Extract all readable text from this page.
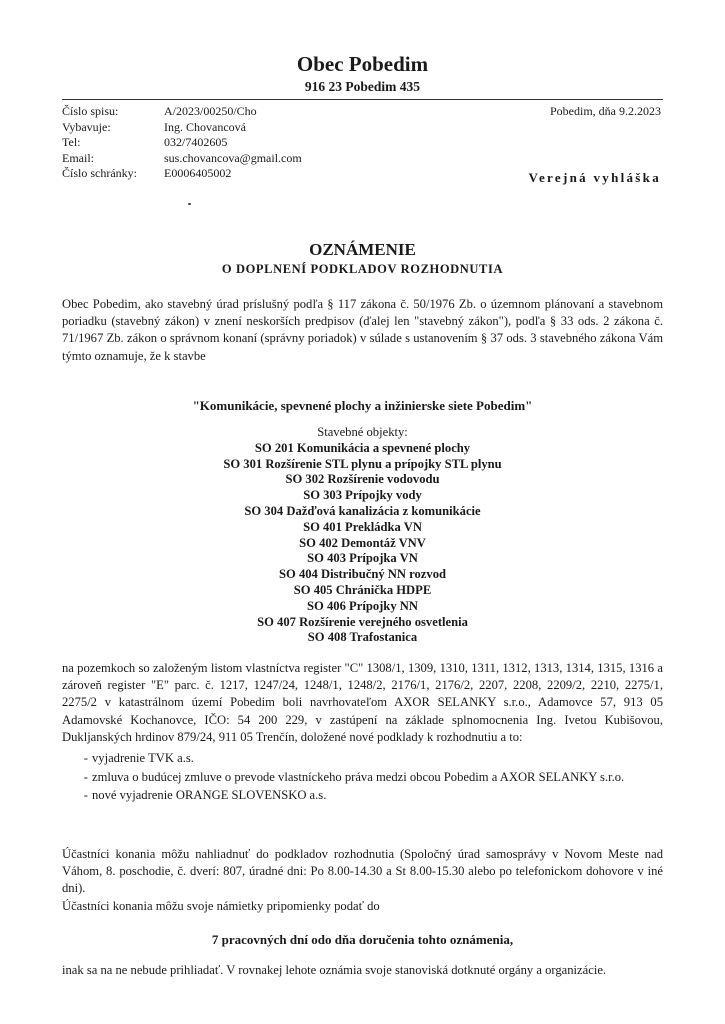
Obec Pobedim
916 23 Pobedim 435
Číslo spisu:	A/2023/00250/Cho
Vybavuje:	Ing. Chovancová
Tel:	032/7402605
Email:	sus.chovancova@gmail.com
Číslo schránky:	E0006405002
Pobedim, dňa 9.2.2023
Verejná vyhláška
OZNÁMENIE
O DOPLNENÍ PODKLADOV ROZHODNUTIA
Obec Pobedim, ako stavebný úrad príslušný podľa § 117 zákona č. 50/1976 Zb. o územnom plánovaní a stavebnom poriadku (stavebný zákon) v znení neskorších predpisov (ďalej len "stavebný zákon"), podľa § 33 ods. 2 zákona č. 71/1967 Zb. zákon o správnom konaní (správny poriadok) v súlade s ustanovením § 37 ods. 3 stavebného zákona Vám týmto oznamuje, že k stavbe
"Komunikácie, spevnené plochy a inžinierske siete Pobedim"
Stavebné objekty:
SO 201 Komunikácia a spevnené plochy
SO 301 Rozšírenie STL plynu a prípojky STL plynu
SO 302 Rozšírenie vodovodu
SO 303 Prípojky vody
SO 304 Dažďová kanalizácia z komunikácie
SO 401 Prekládka VN
SO 402 Demontáž VNV
SO 403 Prípojka VN
SO 404 Distribučný NN rozvod
SO 405 Chránička HDPE
SO 406 Prípojky NN
SO 407 Rozšírenie verejného osvetlenia
SO 408 Trafostanica
na pozemkoch so založeným listom vlastníctva register "C" 1308/1, 1309, 1310, 1311, 1312, 1313, 1314, 1315, 1316 a zároveň register "E" parc. č. 1217, 1247/24, 1248/1, 1248/2, 2176/1, 2176/2, 2207, 2208, 2209/2, 2210, 2275/1, 2275/2 v katastrálnom území Pobedim boli navrhovateľom AXOR SELANKY s.r.o., Adamovce 57, 913 05 Adamovské Kochanovce, IČO: 54 200 229, v zastúpení na základe splnomocnenia Ing. Ivetou Kubišovou, Dukljanských hrdinov 879/24, 911 05 Trenčín, doložené nové podklady k rozhodnutiu a to:
- vyjadrenie TVK a.s.
- zmluva o budúcej zmluve o prevode vlastníckeho práva medzi obcou Pobedim a AXOR SELANKY s.r.o.
- nové vyjadrenie ORANGE SLOVENSKO a.s.
Účastníci konania môžu nahliadnuť do podkladov rozhodnutia (Spoločný úrad samosprávy v Novom Meste nad Váhom, 8. poschodie, č. dverí: 807, úradné dni: Po 8.00-14.30 a St 8.00-15.30 alebo po telefonickom dohovore v iné dni).
Účastníci konania môžu svoje námietky pripomienky podať do
7 pracovných dní odo dňa doručenia tohto oznámenia,
inak sa na ne nebude prihliadať. V rovnakej lehote oznámia svoje stanoviská dotknuté orgány a organizácie.
